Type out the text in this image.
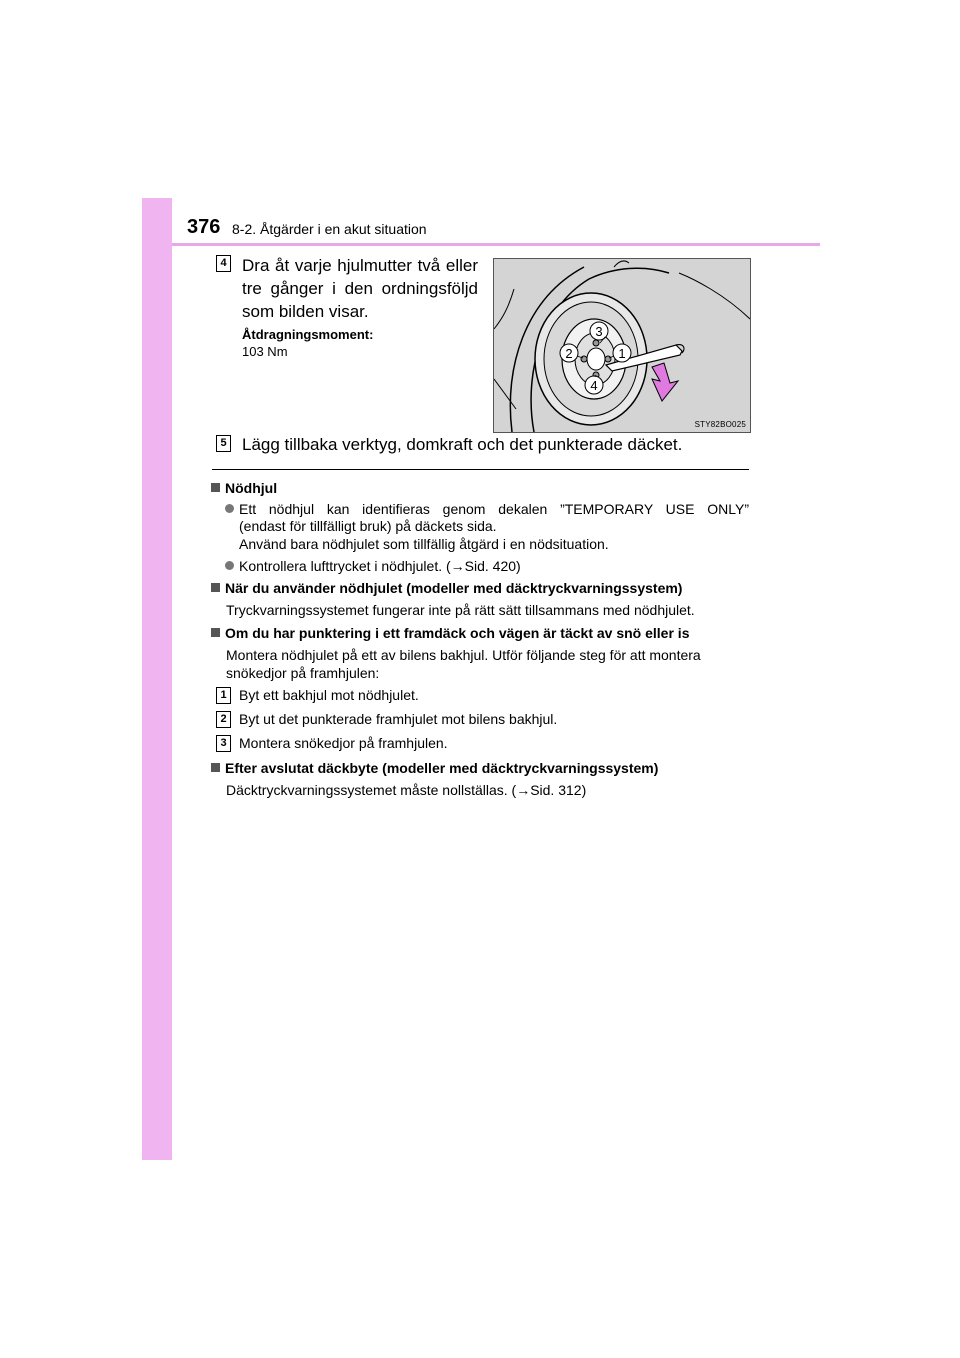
376 8-2. Åtgärder i en akut situation
4 Dra åt varje hjulmutter två eller tre gånger i den ordningsföljd som bilden visar.
Åtdragningsmoment:
103 Nm
3
2	1
4
STY82BO025
5 Lägg tillbaka verktyg, domkraft och det punkterade däcket.
Nödhjul
Ett nödhjul kan identifieras genom dekalen ”TEMPORARY USE ONLY”
(endast för tillfälligt bruk) på däckets sida.
Använd bara nödhjulet som tillfällig åtgärd i en nödsituation.
Kontrollera lufttrycket i nödhjulet. (→Sid. 420)
När du använder nödhjulet (modeller med däcktryckvarningssystem)
Tryckvarningssystemet fungerar inte på rätt sätt tillsammans med nödhjulet.
Om du har punktering i ett framdäck och vägen är täckt av snö eller is
Montera nödhjulet på ett av bilens bakhjul. Utför följande steg för att montera
snökedjor på framhjulen:
1 Byt ett bakhjul mot nödhjulet.
2 Byt ut det punkterade framhjulet mot bilens bakhjul.
3 Montera snökedjor på framhjulen.
Efter avslutat däckbyte (modeller med däcktryckvarningssystem)
Däcktryckvarningssystemet måste nollställas. (→Sid. 312)
